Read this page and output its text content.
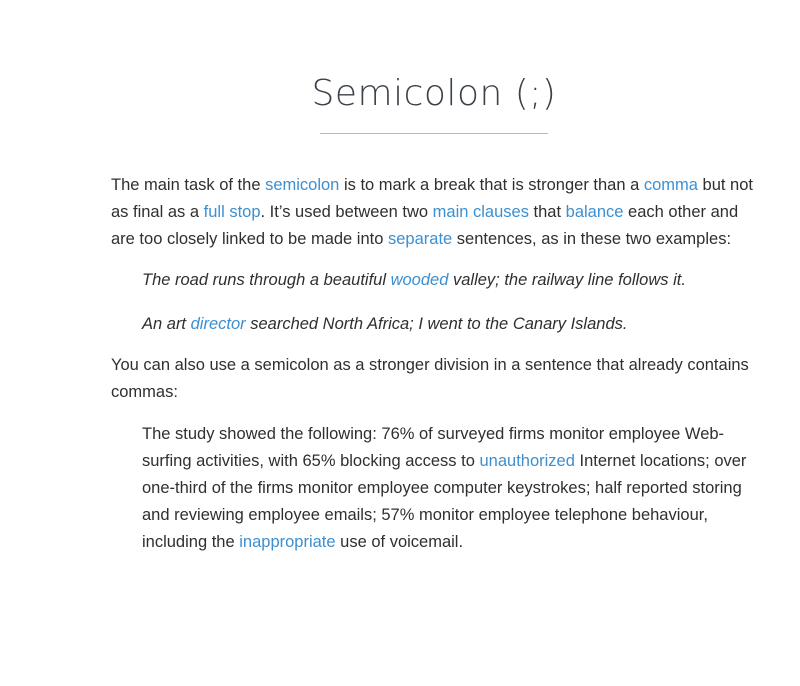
Semicolon (;)

The main task of the semicolon is to mark a break that is stronger than a comma but not as final as a full stop. It’s used between two main clauses that balance each other and are too closely linked to be made into separate sentences, as in these two examples:

The road runs through a beautiful wooded valley; the railway line follows it.

An art director searched North Africa; I went to the Canary Islands.

You can also use a semicolon as a stronger division in a sentence that already contains commas:

The study showed the following: 76% of surveyed firms monitor employee Web-surfing activities, with 65% blocking access to unauthorized Internet locations; over one-third of the firms monitor employee computer keystrokes; half reported storing and reviewing employee emails; 57% monitor employee telephone behaviour, including the inappropriate use of voicemail.
